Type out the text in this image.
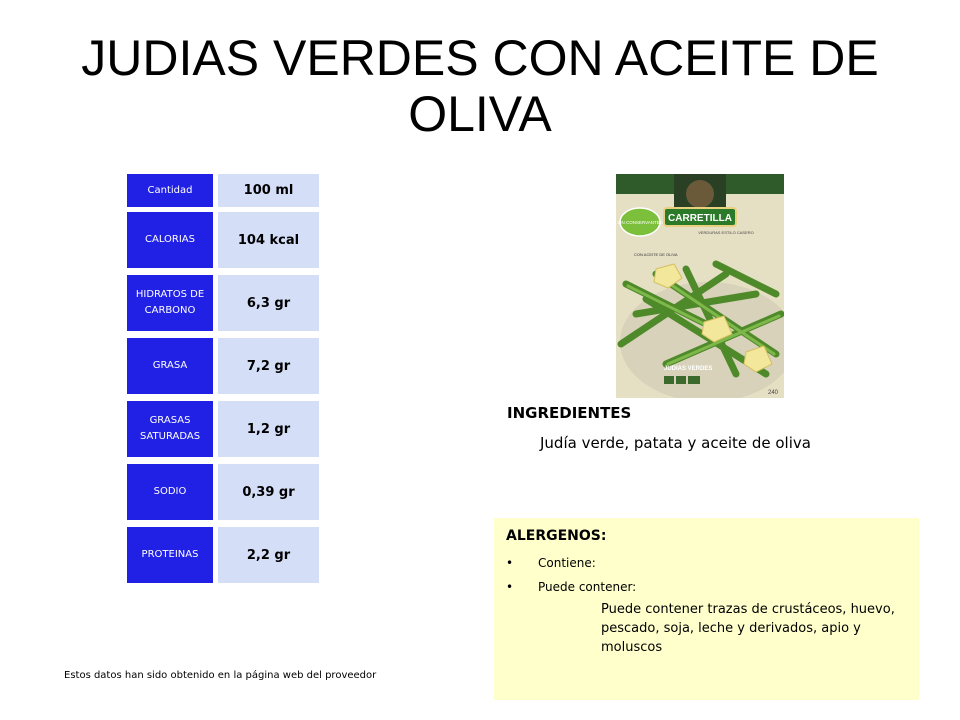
JUDIAS VERDES CON ACEITE DE OLIVA
Cantidad	100 ml
CALORIAS	104 kcal
HIDRATOS DE CARBONO	6,3 gr
GRASA	7,2 gr
GRASAS SATURADAS	1,2 gr
SODIO	0,39 gr
PROTEINAS	2,2 gr
CARRETILLA
VERDURAS ESTILO CASERO
SIN CONSERVANTES
CON ACEITE DE OLIVA
JUDIAS VERDES
240
INGREDIENTES
Judía verde, patata y aceite de oliva
ALERGENOS:
• Contiene:
• Puede contener:
Puede contener trazas de crustáceos, huevo, pescado, soja, leche y derivados, apio y moluscos
Estos datos han sido obtenido en la página web del proveedor
